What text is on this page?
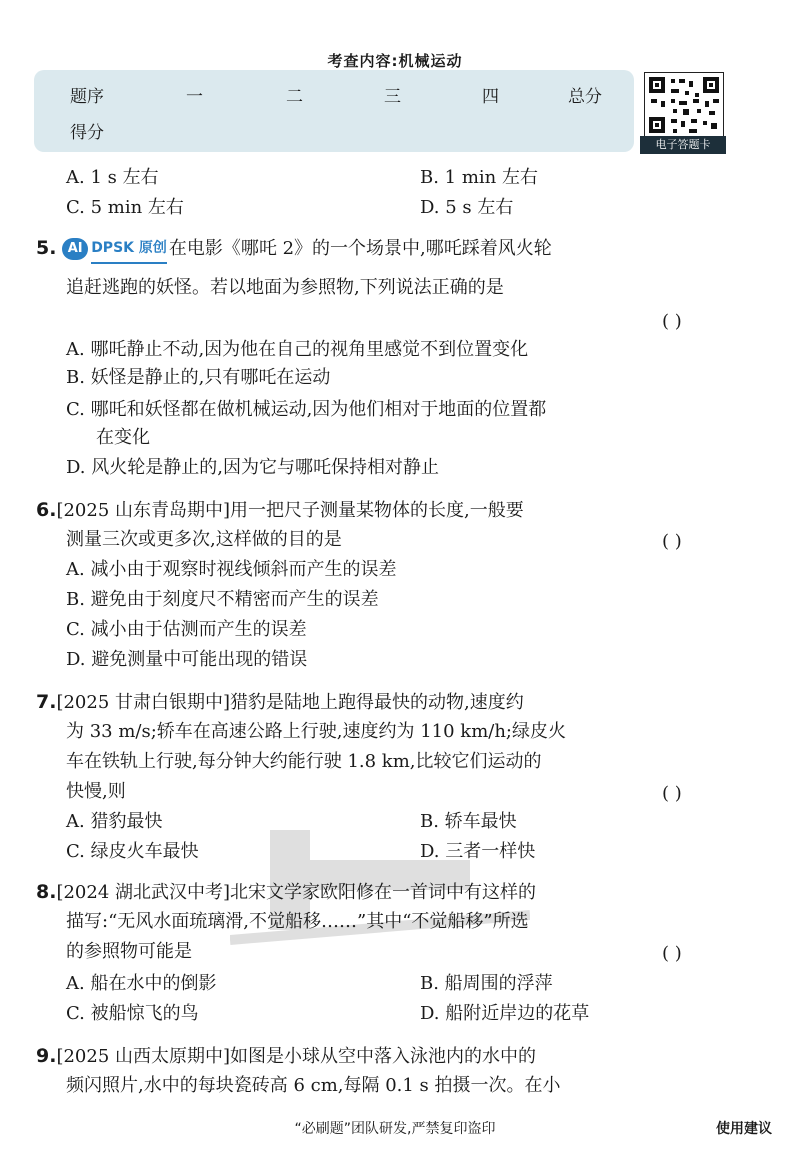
考查内容:机械运动
题序	一	二	三	四	总分
得分
电子答题卡
A. 1 s 左右	B. 1 min 左右
C. 5 min 左右	D. 5 s 左右
5. AI DPSK 原创 在电影《哪吒 2》的一个场景中,哪吒踩着风火轮
追赶逃跑的妖怪。若以地面为参照物,下列说法正确的是
( )
A. 哪吒静止不动,因为他在自己的视角里感觉不到位置变化
B. 妖怪是静止的,只有哪吒在运动
C. 哪吒和妖怪都在做机械运动,因为他们相对于地面的位置都
在变化
D. 风火轮是静止的,因为它与哪吒保持相对静止
6.[2025 山东青岛期中]用一把尺子测量某物体的长度,一般要
测量三次或更多次,这样做的目的是	( )
A. 减小由于观察时视线倾斜而产生的误差
B. 避免由于刻度尺不精密而产生的误差
C. 减小由于估测而产生的误差
D. 避免测量中可能出现的错误
7.[2025 甘肃白银期中]猎豹是陆地上跑得最快的动物,速度约
为 33 m/s;轿车在高速公路上行驶,速度约为 110 km/h;绿皮火
车在铁轨上行驶,每分钟大约能行驶 1.8 km,比较它们运动的
快慢,则	( )
A. 猎豹最快	B. 轿车最快
C. 绿皮火车最快	D. 三者一样快
8.[2024 湖北武汉中考]北宋文学家欧阳修在一首词中有这样的
描写:“无风水面琉璃滑,不觉船移……”其中“不觉船移”所选
的参照物可能是	( )
A. 船在水中的倒影	B. 船周围的浮萍
C. 被船惊飞的鸟	D. 船附近岸边的花草
9.[2025 山西太原期中]如图是小球从空中落入泳池内的水中的
频闪照片,水中的每块瓷砖高 6 cm,每隔 0.1 s 拍摄一次。在小
“必刷题”团队研发,严禁复印盗印	使用建议
